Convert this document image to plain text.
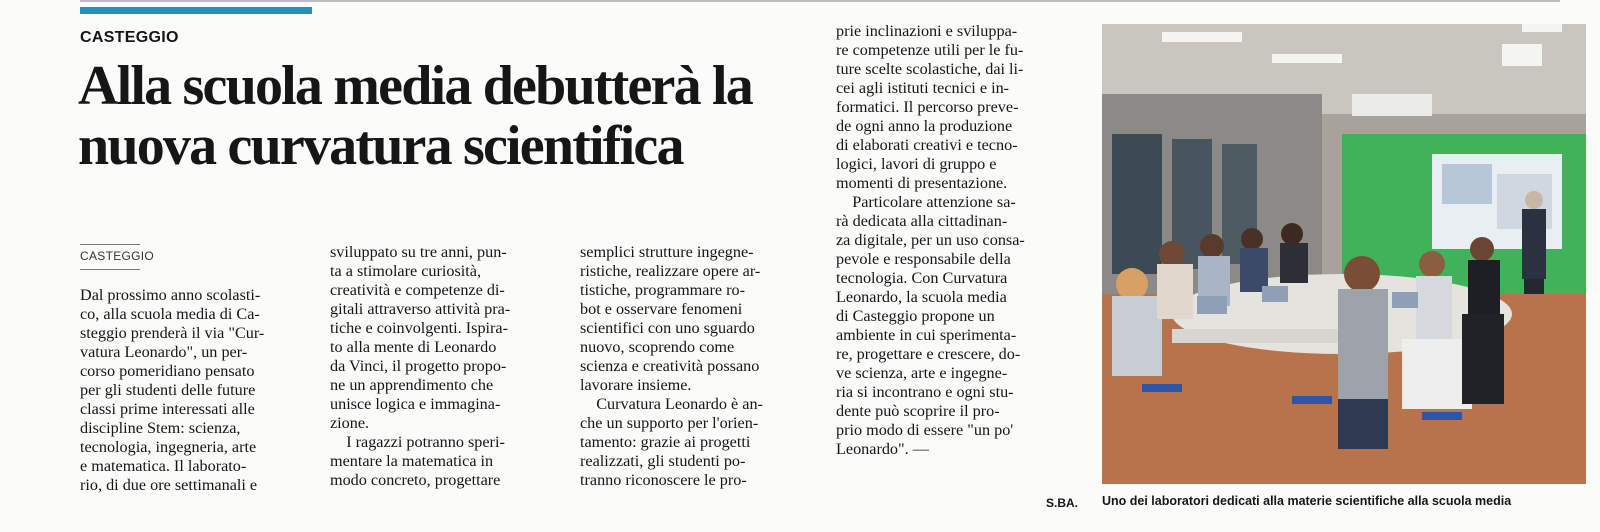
CASTEGGIO
Alla scuola media debutterà la nuova curvatura scientifica
CASTEGGIO

Dal prossimo anno scolasti-
co, alla scuola media di Ca-
steggio prenderà il via "Cur-
vatura Leonardo", un per-
corso pomeridiano pensato
per gli studenti delle future
classi prime interessati alle
discipline Stem: scienza,
tecnologia, ingegneria, arte
e matematica. Il laborato-
rio, di due ore settimanali e

sviluppato su tre anni, pun-
ta a stimolare curiosità,
creatività e competenze di-
gitali attraverso attività pra-
tiche e coinvolgenti. Ispira-
to alla mente di Leonardo
da Vinci, il progetto propo-
ne un apprendimento che
unisce logica e immagina-
zione.
I ragazzi potranno speri-
mentare la matematica in
modo concreto, progettare

semplici strutture ingegne-
ristiche, realizzare opere ar-
tistiche, programmare ro-
bot e osservare fenomeni
scientifici con uno sguardo
nuovo, scoprendo come
scienza e creatività possano
lavorare insieme.
Curvatura Leonardo è an-
che un supporto per l'orien-
tamento: grazie ai progetti
realizzati, gli studenti po-
tranno riconoscere le pro-

prie inclinazioni e sviluppa-
re competenze utili per le fu-
ture scelte scolastiche, dai li-
cei agli istituti tecnici e in-
formatici. Il percorso preve-
de ogni anno la produzione
di elaborati creativi e tecno-
logici, lavori di gruppo e
momenti di presentazione.
Particolare attenzione sa-
rà dedicata alla cittadinan-
za digitale, per un uso consa-
pevole e responsabile della
tecnologia. Con Curvatura
Leonardo, la scuola media
di Casteggio propone un
ambiente in cui sperimenta-
re, progettare e crescere, do-
ve scienza, arte e ingegne-
ria si incontrano e ogni stu-
dente può scoprire il pro-
prio modo di essere "un po'
Leonardo". —

S.BA. Uno dei laboratori dedicati alla materie scientifiche alla scuola media
